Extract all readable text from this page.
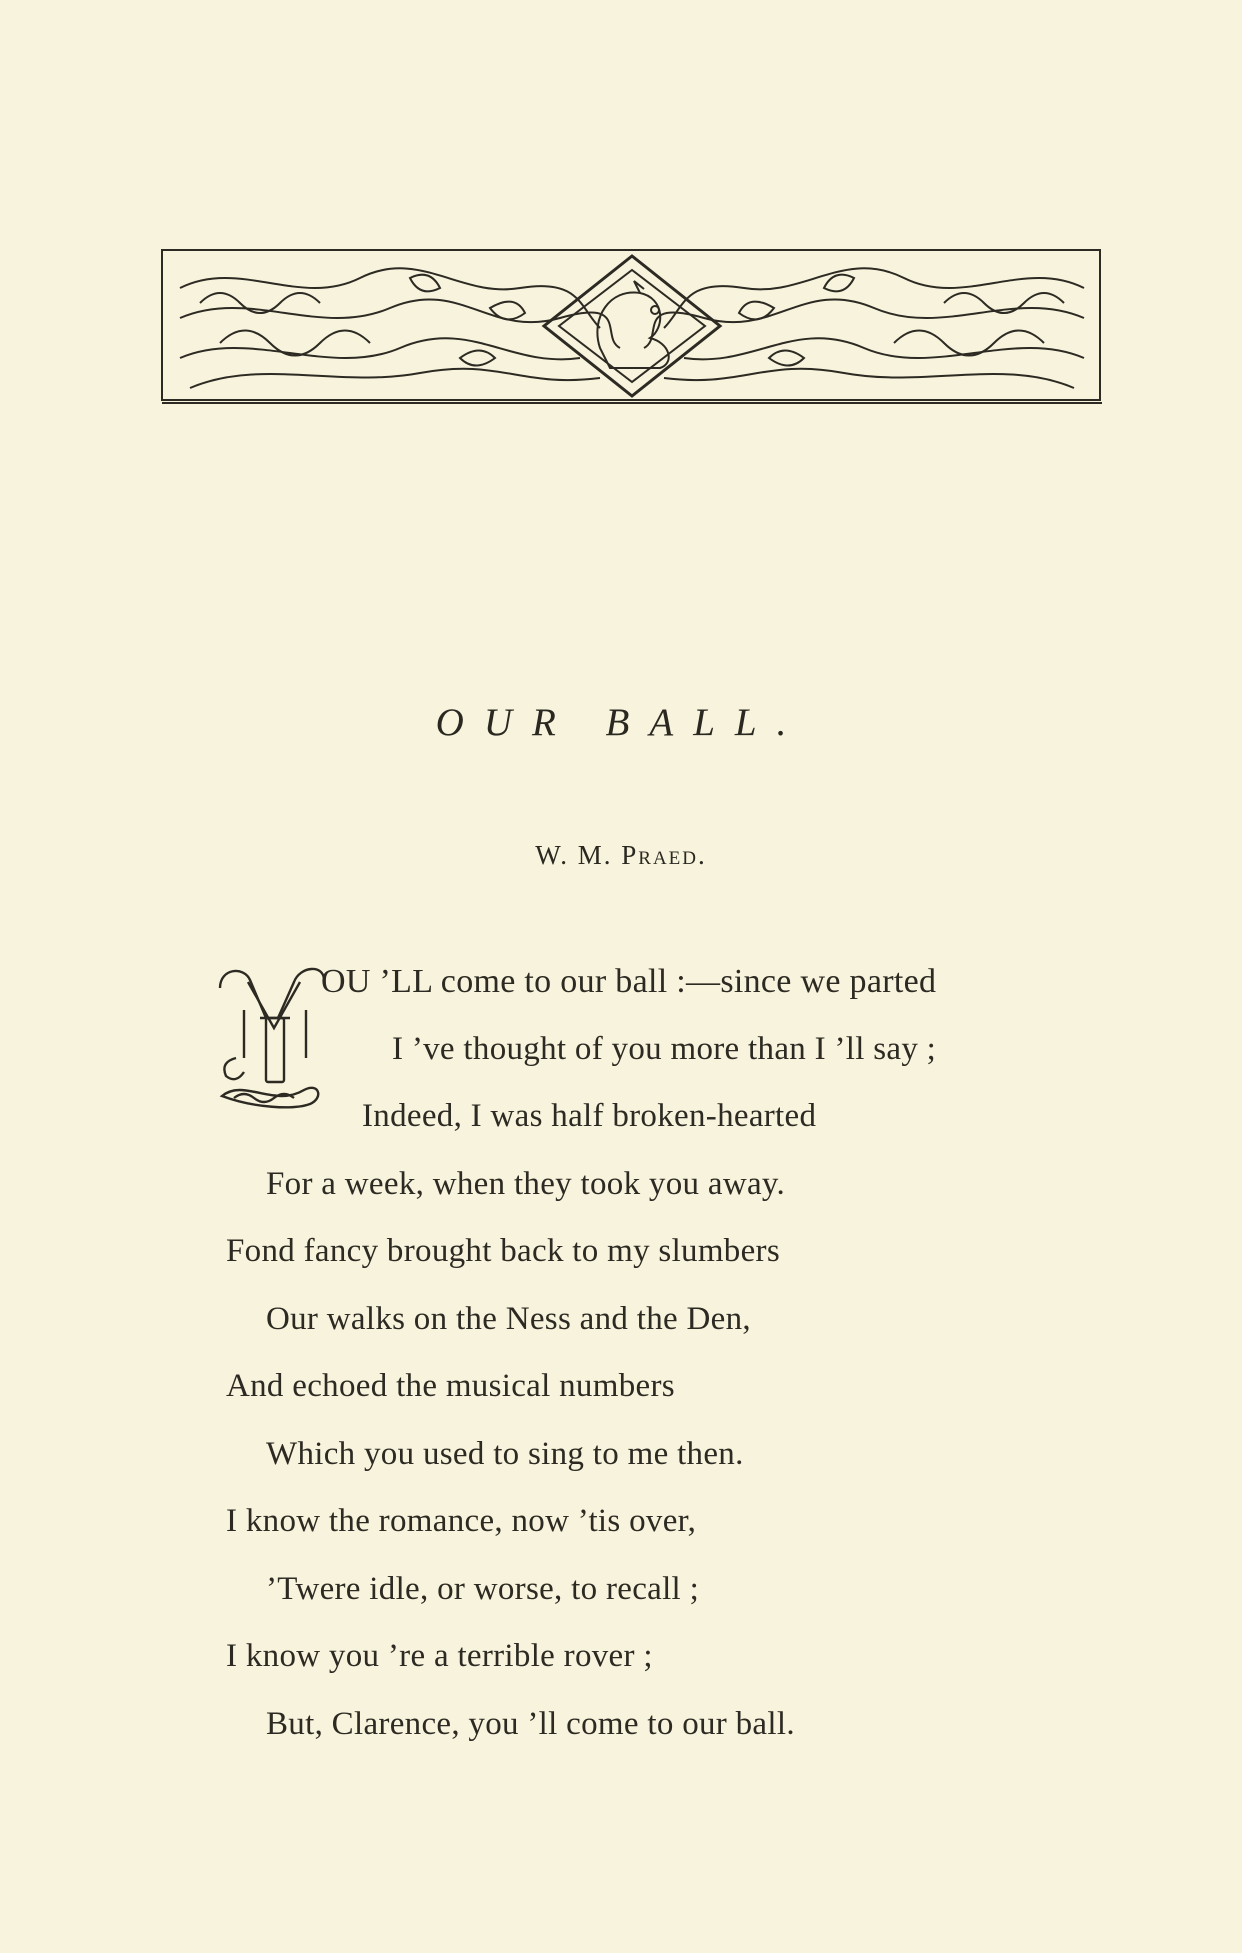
OUR BALL.
W. M. Praed.
OU ’LL come to our ball :—since we parted
I ’ve thought of you more than I ’ll say ;
Indeed, I was half broken-hearted
For a week, when they took you away.
Fond fancy brought back to my slumbers
Our walks on the Ness and the Den,
And echoed the musical numbers
Which you used to sing to me then.
I know the romance, now ’tis over,
’Twere idle, or worse, to recall ;
I know you ’re a terrible rover ;
But, Clarence, you ’ll come to our ball.
